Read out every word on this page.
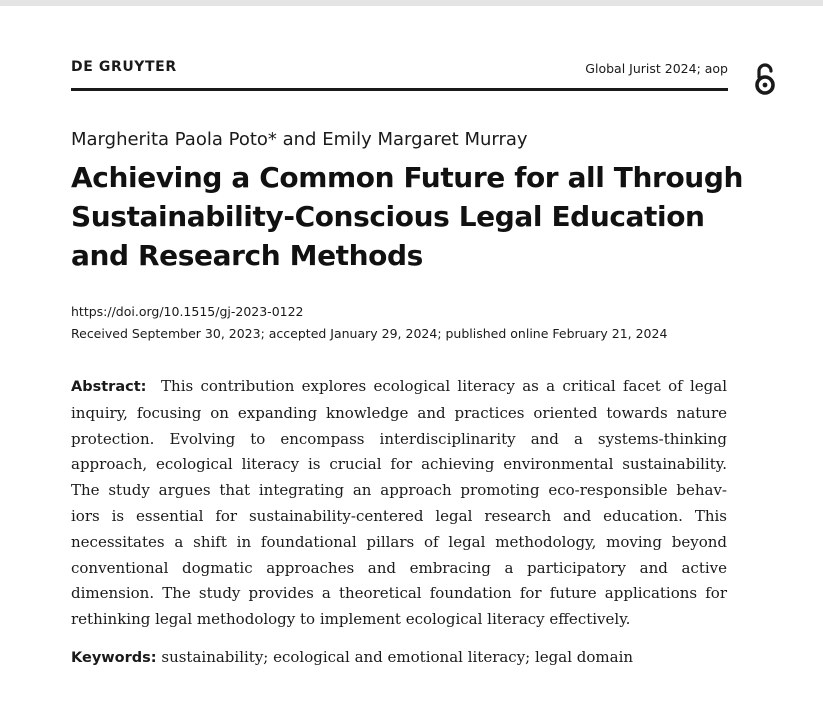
DE GRUYTER	Global Jurist 2024; aop
Margherita Paola Poto* and Emily Margaret Murray
Achieving a Common Future for all Through
Sustainability-Conscious Legal Education
and Research Methods
https://doi.org/10.1515/gj-2023-0122
Received September 30, 2023; accepted January 29, 2024; published online February 21, 2024
Abstract: This contribution explores ecological literacy as a critical facet of legal
inquiry, focusing on expanding knowledge and practices oriented towards nature
protection. Evolving to encompass interdisciplinarity and a systems-thinking
approach, ecological literacy is crucial for achieving environmental sustainability.
The study argues that integrating an approach promoting eco-responsible behav-
iors is essential for sustainability-centered legal research and education. This
necessitates a shift in foundational pillars of legal methodology, moving beyond
conventional dogmatic approaches and embracing a participatory and active
dimension. The study provides a theoretical foundation for future applications for
rethinking legal methodology to implement ecological literacy effectively.
Keywords: sustainability; ecological and emotional literacy; legal domain
